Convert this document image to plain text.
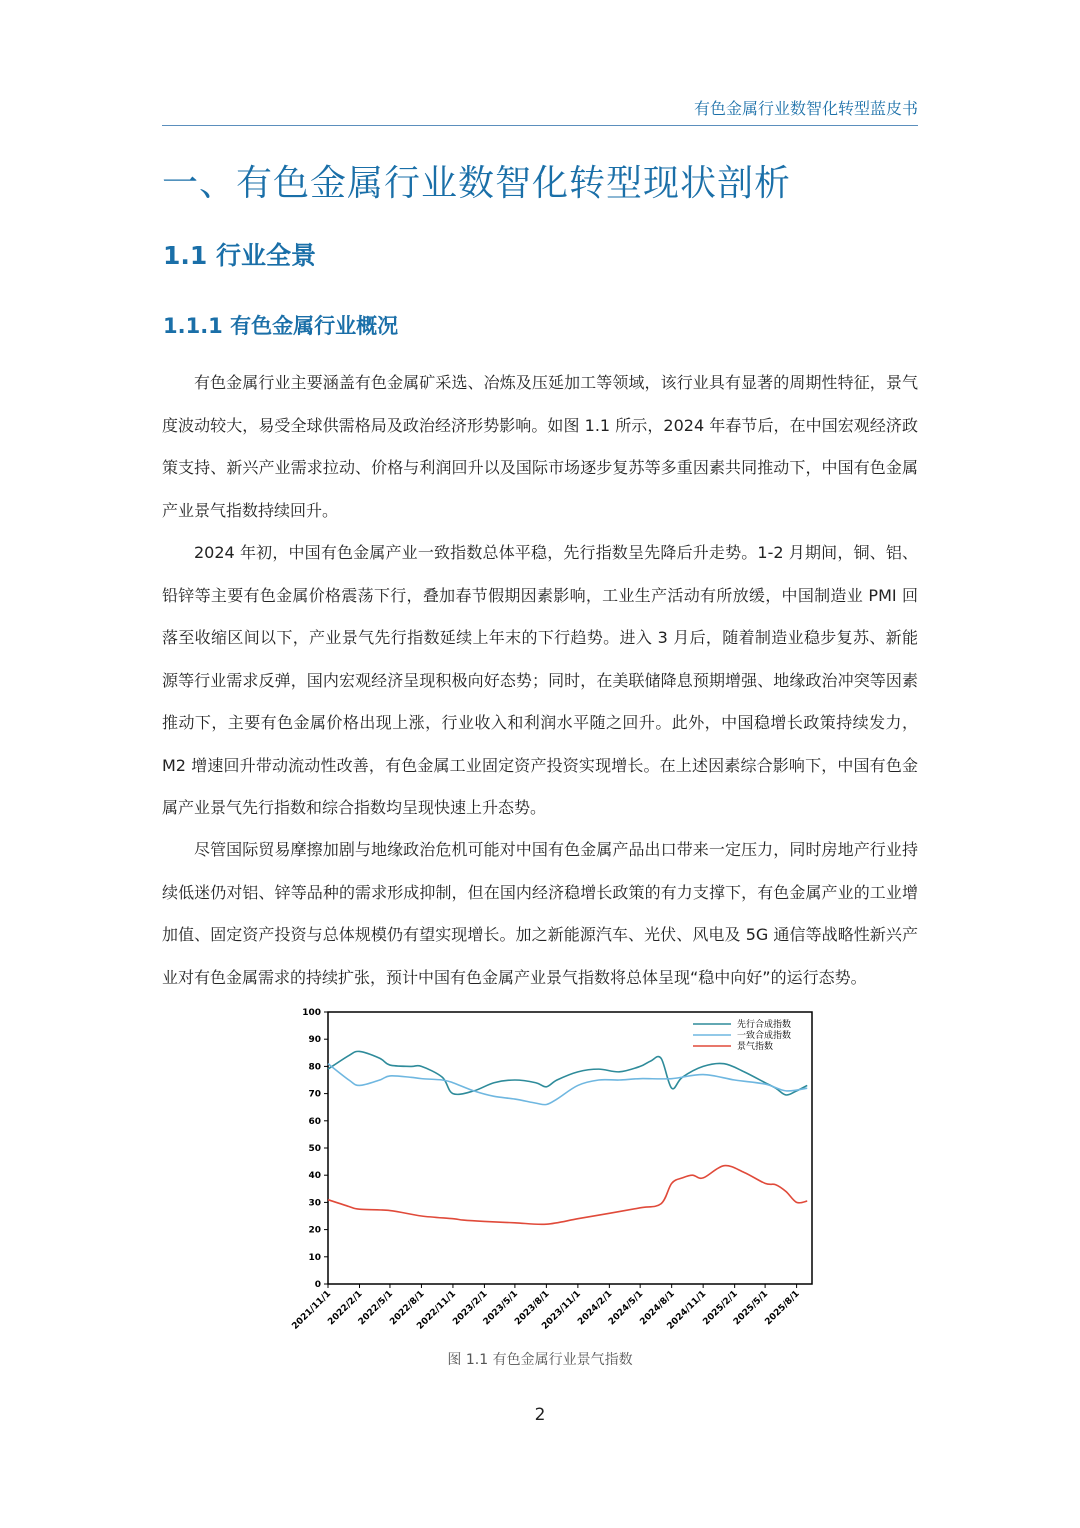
有色金属行业数智化转型蓝皮书
一、有色金属行业数智化转型现状剖析
1.1 行业全景
1.1.1 有色金属行业概况

有色金属行业主要涵盖有色金属矿采选、冶炼及压延加工等领域，该行业具有显著的周期性特征，景气度波动较大，易受全球供需格局及政治经济形势影响。如图 1.1 所示，2024 年春节后，在中国宏观经济政策支持、新兴产业需求拉动、价格与利润回升以及国际市场逐步复苏等多重因素共同推动下，中国有色金属产业景气指数持续回升。

2024 年初，中国有色金属产业一致指数总体平稳，先行指数呈先降后升走势。1-2 月期间，铜、铝、铅锌等主要有色金属价格震荡下行，叠加春节假期因素影响，工业生产活动有所放缓，中国制造业 PMI 回落至收缩区间以下，产业景气先行指数延续上年末的下行趋势。进入 3 月后，随着制造业稳步复苏、新能源等行业需求反弹，国内宏观经济呈现积极向好态势；同时，在美联储降息预期增强、地缘政治冲突等因素推动下，主要有色金属价格出现上涨，行业收入和利润水平随之回升。此外，中国稳增长政策持续发力，M2 增速回升带动流动性改善，有色金属工业固定资产投资实现增长。在上述因素综合影响下，中国有色金属产业景气先行指数和综合指数均呈现快速上升态势。

尽管国际贸易摩擦加剧与地缘政治危机可能对中国有色金属产品出口带来一定压力，同时房地产行业持续低迷仍对铝、锌等品种的需求形成抑制，但在国内经济稳增长政策的有力支撑下，有色金属产业的工业增加值、固定资产投资与总体规模仍有望实现增长。加之新能源汽车、光伏、风电及 5G 通信等战略性新兴产业对有色金属需求的持续扩张，预计中国有色金属产业景气指数将总体呈现“稳中向好”的运行态势。

0
10
20
30
40
50
60
70
80
90
100
2021/11/1
2022/2/1
2022/5/1
2022/8/1
2022/11/1
2023/2/1
2023/5/1
2023/8/1
2023/11/1
2024/2/1
2024/5/1
2024/8/1
2024/11/1
2025/2/1
2025/5/1
2025/8/1
先行合成指数
一致合成指数
景气指数
图 1.1 有色金属行业景气指数
2
